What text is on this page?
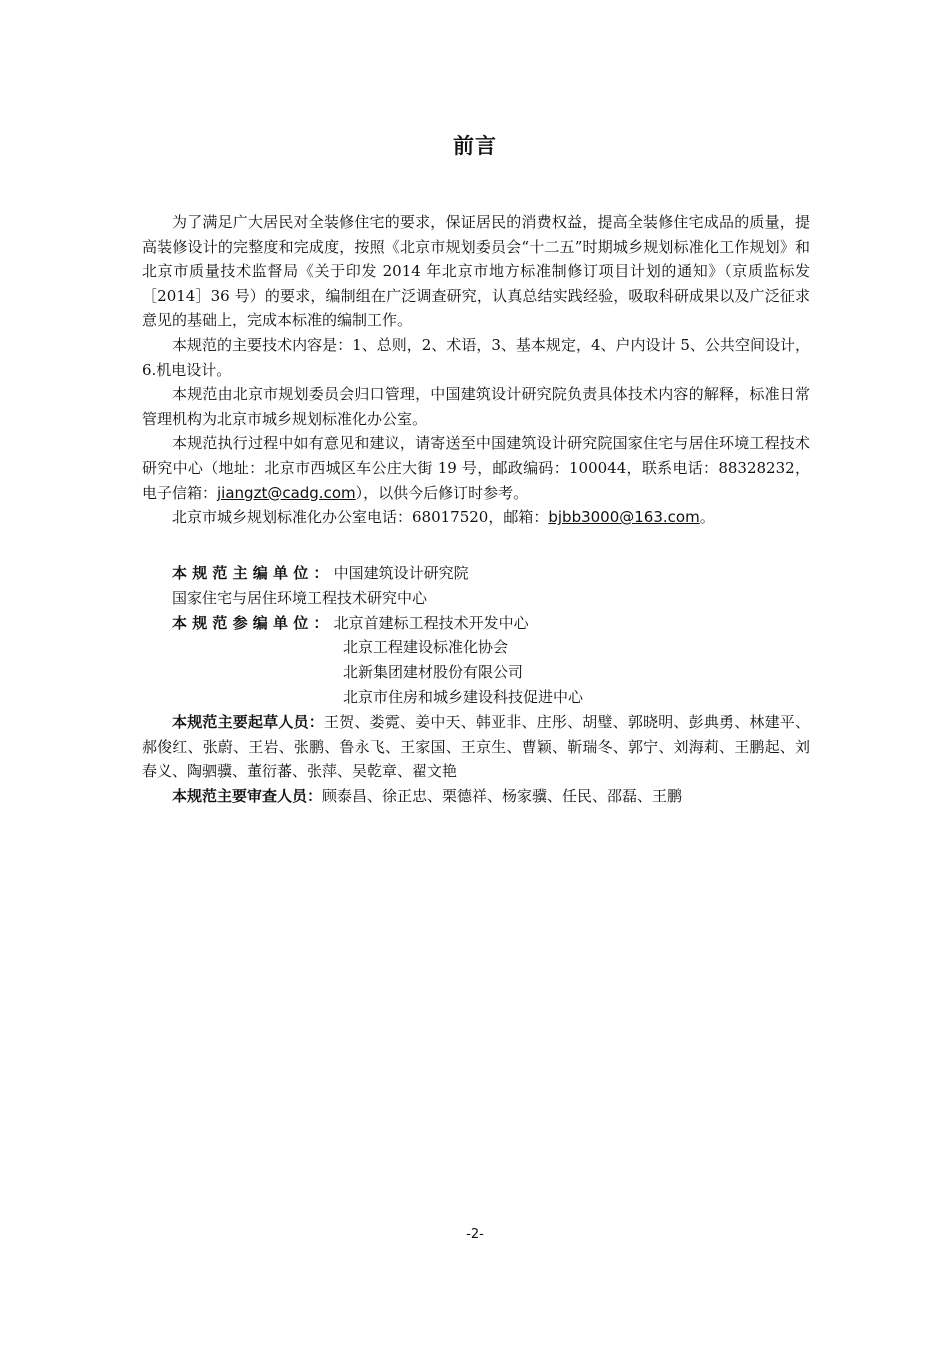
前言

为了满足广大居民对全装修住宅的要求，保证居民的消费权益，提高全装修住宅成品的质量，提高装修设计的完整度和完成度，按照《北京市规划委员会“十二五”时期城乡规划标准化工作规划》和北京市质量技术监督局《关于印发 2014 年北京市地方标准制修订项目计划的通知》（京质监标发［2014］36 号）的要求，编制组在广泛调查研究，认真总结实践经验，吸取科研成果以及广泛征求意见的基础上，完成本标准的编制工作。

本规范的主要技术内容是：1、总则，2、术语，3、基本规定，4、户内设计 5、公共空间设计，6.机电设计。

本规范由北京市规划委员会归口管理，中国建筑设计研究院负责具体技术内容的解释，标准日常管理机构为北京市城乡规划标准化办公室。

本规范执行过程中如有意见和建议，请寄送至中国建筑设计研究院国家住宅与居住环境工程技术研究中心（地址：北京市西城区车公庄大街 19 号，邮政编码：100044，联系电话：88328232，电子信箱：jiangzt@cadg.com），以供今后修订时参考。

北京市城乡规划标准化办公室电话：68017520，邮箱：bjbb3000@163.com。

本规范主编单位：中国建筑设计研究院
国家住宅与居住环境工程技术研究中心
本规范参编单位：北京首建标工程技术开发中心
北京工程建设标准化协会
北新集团建材股份有限公司
北京市住房和城乡建设科技促进中心
本规范主要起草人员：王贺、娄霓、姜中天、韩亚非、庄彤、胡璧、郭晓明、彭典勇、林建平、郝俊红、张蔚、王岩、张鹏、鲁永飞、王家国、王京生、曹颖、靳瑞冬、郭宁、刘海莉、王鹏起、刘春义、陶驷骥、董衍蕃、张萍、吴乾章、翟文艳
本规范主要审查人员：顾泰昌、徐正忠、栗德祥、杨家骥、任民、邵磊、王鹏
-2-
